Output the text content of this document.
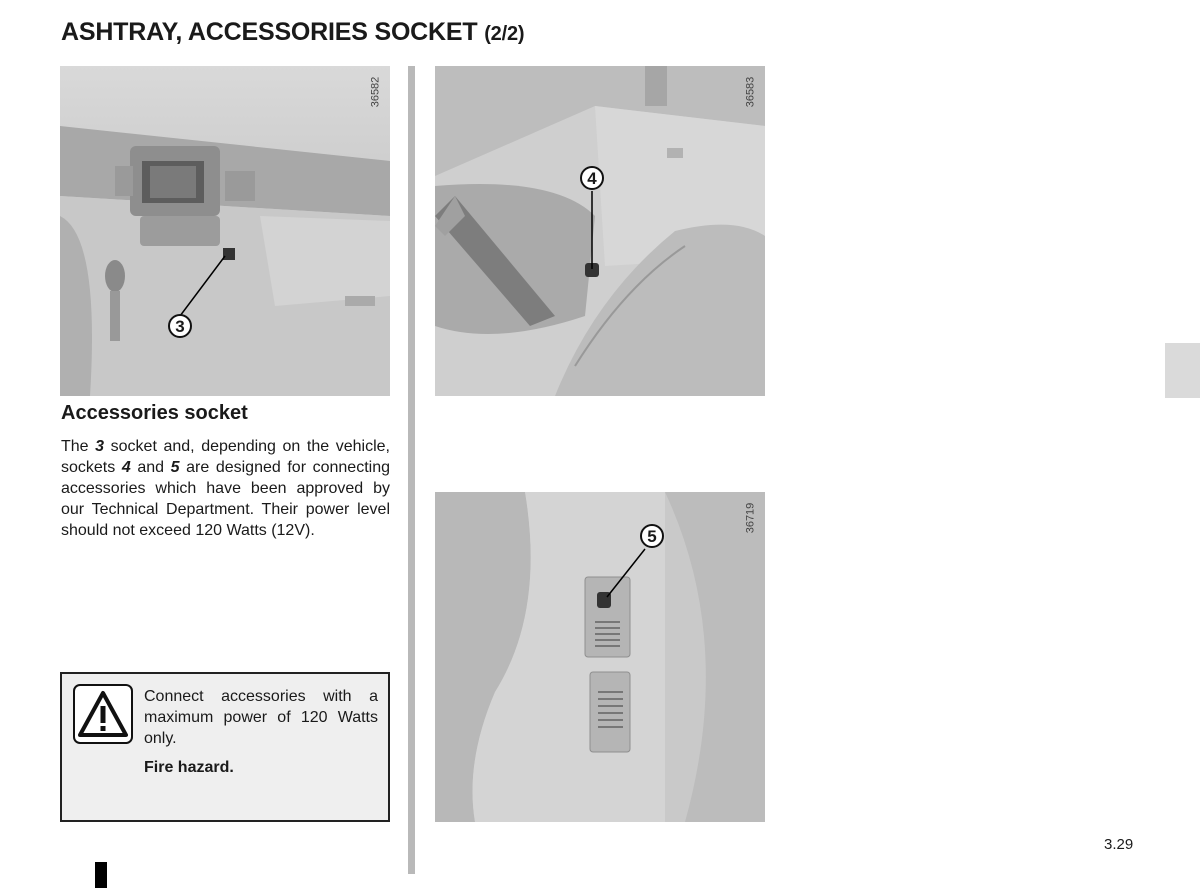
ASHTRAY, ACCESSORIES SOCKET (2/2)
36582
3
36583
4
36719
5
Accessories socket

The 3 socket and, depending on the vehicle, sockets 4 and 5 are designed for connecting accessories which have been approved by our Technical Department. Their power level should not exceed 120 Watts (12V).

Connect accessories with a maximum power of 120 Watts only.

Fire hazard.

3.29
